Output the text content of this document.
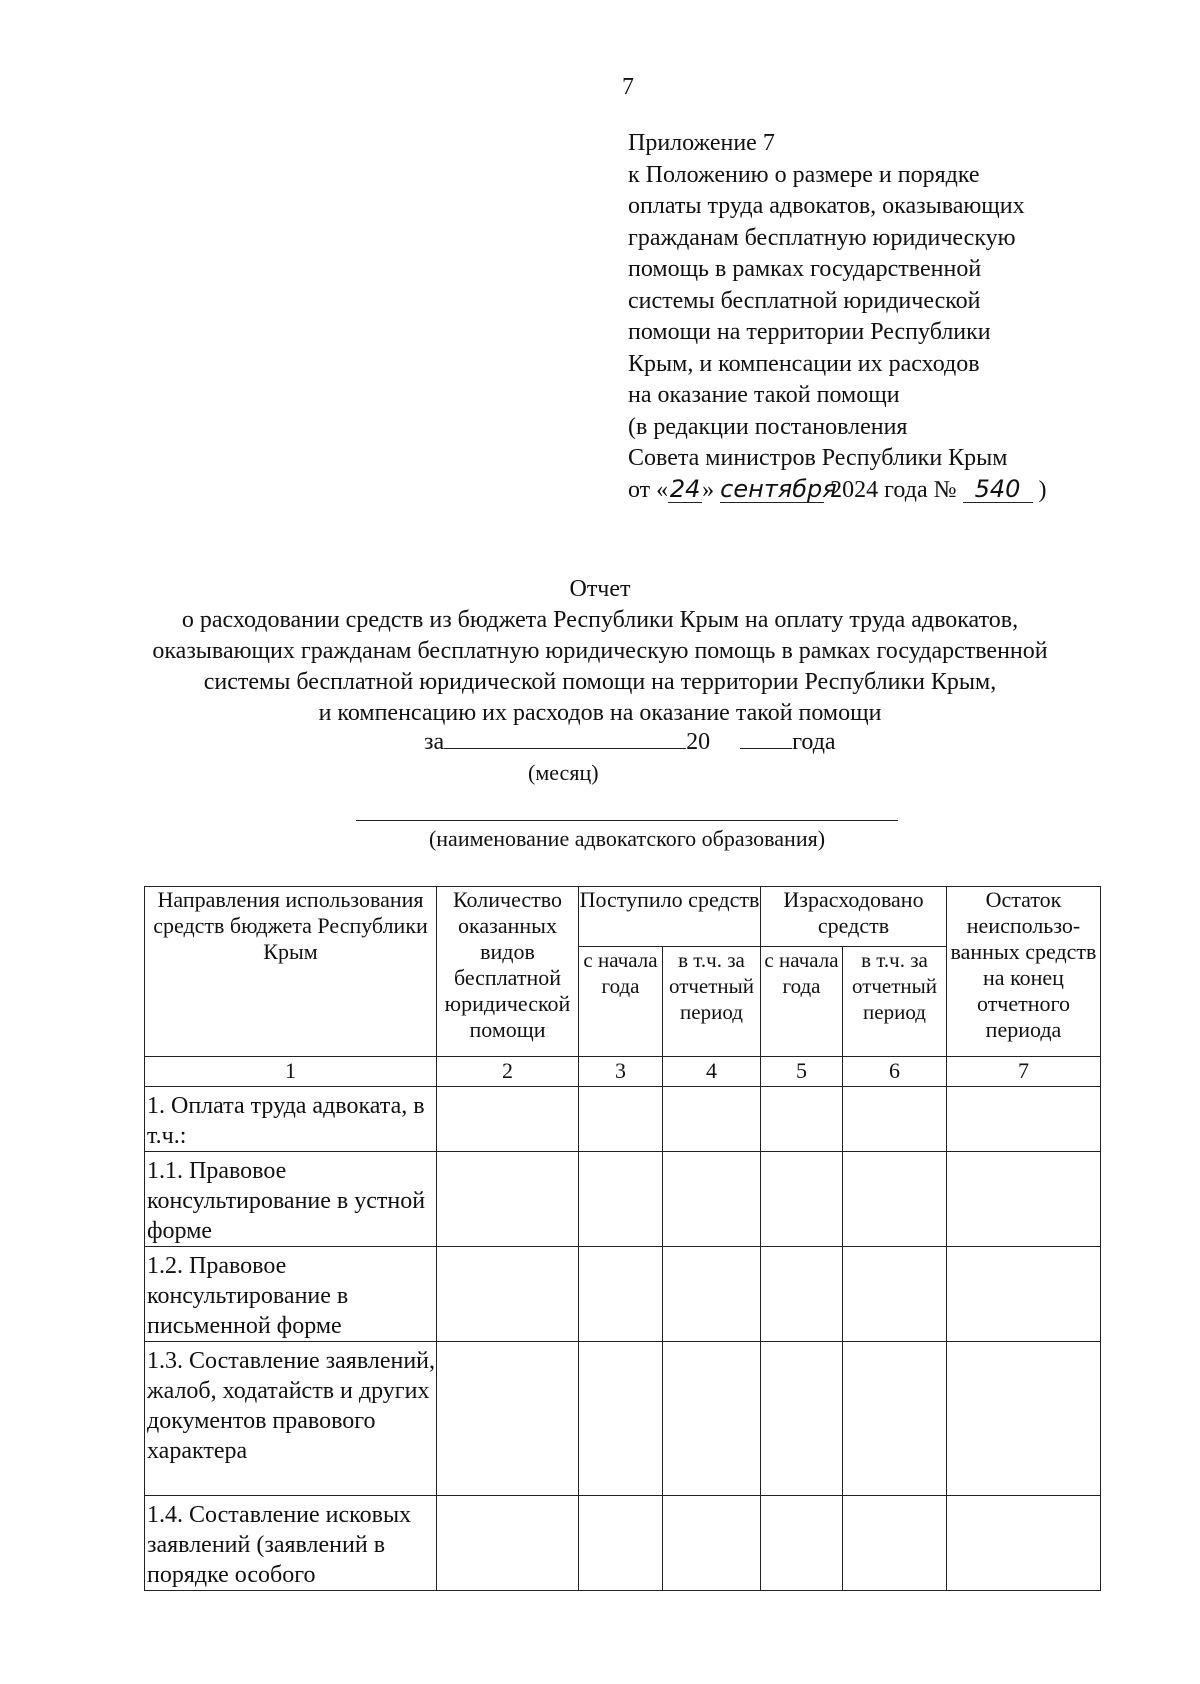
7
Приложение 7
к Положению о размере и порядке
оплаты труда адвокатов, оказывающих
гражданам бесплатную юридическую
помощь в рамках государственной
системы бесплатной юридической
помощи на территории Республики
Крым, и компенсации их расходов
на оказание такой помощи
(в редакции постановления
Совета министров Республики Крым
от «24» сентября 2024 года № 540 )
Отчет
о расходовании средств из бюджета Республики Крым на оплату труда адвокатов,
оказывающих гражданам бесплатную юридическую помощь в рамках государственной
системы бесплатной юридической помощи на территории Республики Крым,
и компенсацию их расходов на оказание такой помощи
за	20	года
(месяц)
(наименование адвокатского образования)
Направления использования средств бюджета Республики Крым	Количество оказанных видов бесплатной юридической помощи	Поступило средств		Израсходовано средств		Остаток неиспользо-ванных средств на конец отчетного периода
		с начала года	в т.ч. за отчетный период	с начала года	в т.ч. за отчетный период	
1	2	3	4	5	6	7
1. Оплата труда адвоката, в т.ч.:						
1.1. Правовое консультирование в устной форме						
1.2. Правовое консультирование в письменной форме						
1.3. Составление заявлений, жалоб, ходатайств и других документов правового характера						
1.4. Составление исковых заявлений (заявлений в порядке особого						
